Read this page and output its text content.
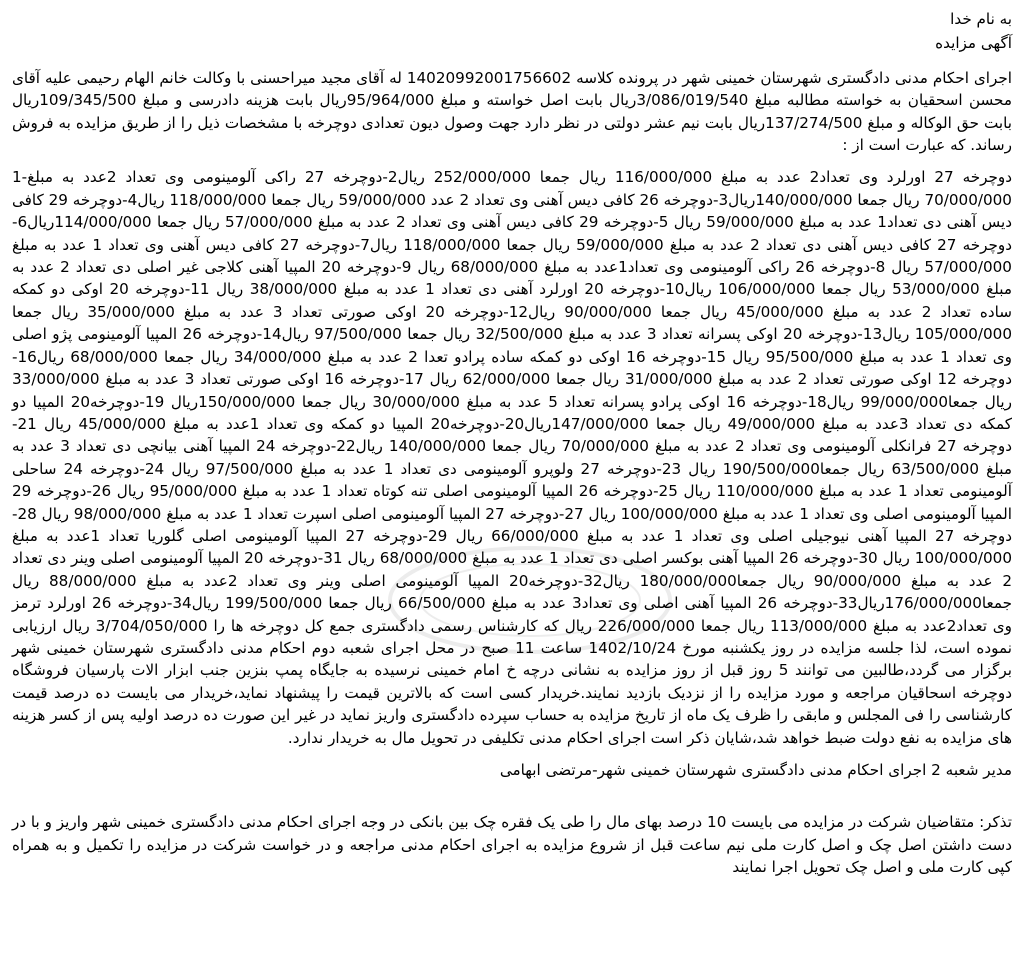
به نام خدا
آگهی مزایده
اجرای احکام مدنی دادگستری شهرستان خمینی شهر در پرونده کلاسه 14020992001756602 له آقای مجید میراحسنی با وکالت خانم الهام رحیمی علیه آقای محسن اسحقیان به خواسته مطالبه مبلغ 3/086/019/540ریال بابت اصل خواسته و مبلغ 95/964/000ریال بابت هزینه دادرسی و مبلغ 109/345/500ریال بابت حق الوکاله و مبلغ 137/274/500ریال بابت نیم عشر دولتی در نظر دارد جهت وصول دیون تعدادی دوچرخه با مشخصات ذیل را از طریق مزایده به فروش رساند. که عبارت است از :
دوچرخه 27 اورلرد وی تعداد2 عدد به مبلغ 116/000/000 ریال جمعا 252/000/000 ریال2-دوچرخه 27 راکی آلومینومی وی تعداد 2عدد به مبلغ-1 70/000/000 ریال جمعا 140/000/000ریال3-دوچرخه 26 کافی دیس آهنی وی تعداد 2 عدد 59/000/000 ریال جمعا 118/000/000 ریال4-دوچرخه 29 کافی دیس آهنی دی تعداد1 عدد به مبلغ 59/000/000 ریال 5-دوچرخه 29 کافی دیس آهنی وی تعداد 2 عدد به مبلغ 57/000/000 ریال جمعا 114/000/000ریال6-دوچرخه 27 کافی دیس آهنی دی تعداد 2 عدد به مبلغ 59/000/000 ریال جمعا 118/000/000 ریال7-دوچرخه 27 کافی دیس آهنی وی تعداد 1 عدد به مبلغ 57/000/000 ریال 8-دوچرخه 26 راکی آلومینومی وی تعداد1عدد به مبلغ 68/000/000 ریال 9-دوچرخه 20 المپیا آهنی کلاجی غیر اصلی دی تعداد 2 عدد به مبلغ 53/000/000 ریال جمعا 106/000/000 ریال10-دوچرخه 20 اورلرد آهنی دی تعداد 1 عدد به مبلغ 38/000/000 ریال 11-دوچرخه 20 اوکی دو کمکه ساده تعداد 2 عدد به مبلغ 45/000/000 ریال جمعا 90/000/000 ریال12-دوچرخه 20 اوکی صورتی تعداد 3 عدد به مبلغ 35/000/000 ریال جمعا 105/000/000 ریال13-دوچرخه 20 اوکی پسرانه تعداد 3 عدد به مبلغ 32/500/000 ریال جمعا 97/500/000 ریال14-دوچرخه 26 المپیا آلومینومی پژو اصلی وی تعداد 1 عدد به مبلغ 95/500/000 ریال 15-دوچرخه 16 اوکی دو کمکه ساده پرادو تعدا 2 عدد به مبلغ 34/000/000 ریال جمعا 68/000/000 ریال16-دوچرخه 12 اوکی صورتی تعداد 2 عدد به مبلغ 31/000/000 ریال جمعا 62/000/000 ریال 17-دوچرخه 16 اوکی صورتی تعداد 3 عدد به مبلغ 33/000/000 ریال جمعا99/000/000 ریال18-دوچرخه 16 اوکی پرادو پسرانه تعداد 5 عدد به مبلغ 30/000/000 ریال جمعا 150/000/000ریال 19-دوچرخه20 المپیا دو کمکه دی تعداد 3عدد به مبلغ 49/000/000 ریال جمعا 147/000/000ریال20-دوچرخه20 المپیا دو کمکه وی تعداد 1عدد به مبلغ 45/000/000 ریال 21-دوچرخه 27 فرانکلی آلومینومی وی تعداد 2 عدد به مبلغ 70/000/000 ریال جمعا 140/000/000 ریال22-دوچرخه 24 المپیا آهنی بیانچی دی تعداد 3 عدد به مبلغ 63/500/000 ریال جمعا190/500/000 ریال 23-دوچرخه 27 ولوپرو آلومینومی دی تعداد 1 عدد به مبلغ 97/500/000 ریال 24-دوچرخه 24 ساحلی آلومینومی تعداد 1 عدد به مبلغ 110/000/000 ریال 25-دوچرخه 26 المپیا آلومینومی اصلی تنه کوتاه تعداد 1 عدد به مبلغ 95/000/000 ریال 26-دوچرخه 29 المپیا آلومینومی اصلی وی تعداد 1 عدد به مبلغ 100/000/000 ریال 27-دوچرخه 27 المپیا آلومینومی اصلی اسپرت تعداد 1 عدد به مبلغ 98/000/000 ریال 28-دوچرخه 27 المپیا آهنی نیوجیلی اصلی وی تعداد 1 عدد به مبلغ 66/000/000 ریال 29-دوچرخه 27 المپیا آلومینومی اصلی گلوریا تعداد 1عدد به مبلغ 100/000/000 ریال 30-دوچرخه 26 المپیا آهنی بوکسر اصلی دی تعداد 1 عدد به مبلغ 68/000/000 ریال 31-دوچرخه 20 المپیا آلومینومی اصلی وینر دی تعداد 2 عدد به مبلغ 90/000/000 ریال جمعا180/000/000 ریال32-دوچرخه20 المپیا آلومینومی اصلی وینر وی تعداد 2عدد به مبلغ 88/000/000 ریال جمعا176/000/000ریال33-دوچرخه 26 المپیا آهنی اصلی وی تعداد3 عدد به مبلغ 66/500/000 ریال جمعا 199/500/000 ریال34-دوچرخه 26 اورلرد ترمز وی تعداد2عدد به مبلغ 113/000/000 ریال جمعا 226/000/000 ریال که کارشناس رسمی دادگستری جمع کل دوچرخه ها را 3/704/050/000 ریال ارزیابی نموده است، لذا جلسه مزایده در روز یکشنبه مورخ 1402/10/24 ساعت 11 صبح در محل اجرای شعبه دوم احکام مدنی دادگستری شهرستان خمینی شهر برگزار می گردد،طالبین می توانند 5 روز قبل از روز مزایده به نشانی درچه خ امام خمینی نرسیده به جایگاه پمپ بنزین جنب ابزار الات پارسیان فروشگاه دوچرخه اسحاقیان مراجعه و مورد مزایده را از نزدیک بازدید نمایند.خریدار کسی است که بالاترین قیمت را پیشنهاد نماید،خریدار می بایست ده درصد قیمت کارشناسی را فی المجلس و مابقی را ظرف یک ماه از تاریخ مزایده به حساب سپرده دادگستری واریز نماید در غیر این صورت ده درصد اولیه پس از کسر هزینه های مزایده به نفع دولت ضبط خواهد شد،شایان ذکر است اجرای احکام مدنی تکلیفی در تحویل مال به خریدار ندارد.
مدیر شعبه 2 اجرای احکام مدنی دادگستری شهرستان خمینی شهر-مرتضی ابهامی
تذکر: متقاضیان شرکت در مزایده می بایست 10 درصد بهای مال را طی یک فقره چک بین بانکی در وجه اجرای احکام مدنی دادگستری خمینی شهر واریز و با در دست داشتن اصل چک و اصل کارت ملی نیم ساعت قبل از شروع مزایده به اجرای احکام مدنی مراجعه و در خواست شرکت در مزایده را تکمیل و به همراه کپی کارت ملی و اصل چک تحویل اجرا نمایند
